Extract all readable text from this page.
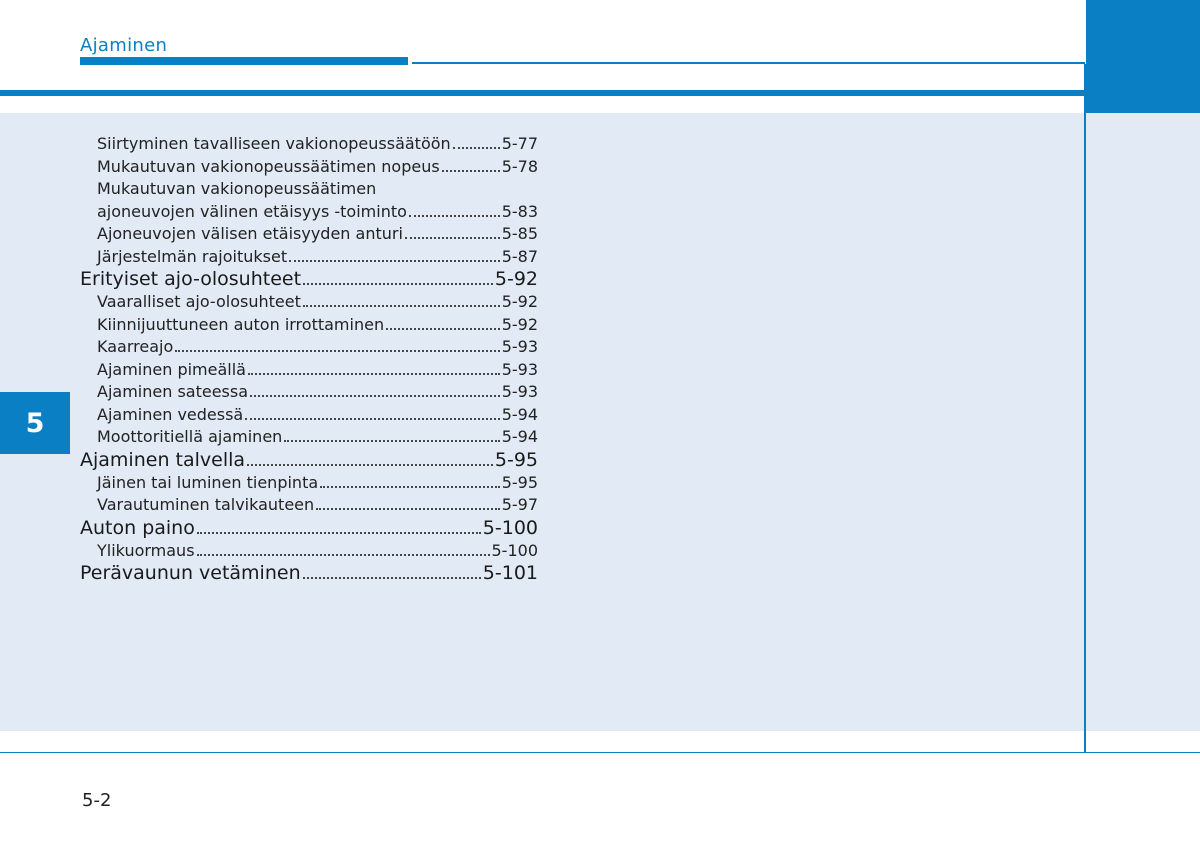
Ajaminen
5
Siirtyminen tavalliseen vakionopeussäätöön	5-77
Mukautuvan vakionopeussäätimen nopeus	5-78
Mukautuvan vakionopeussäätimen
ajoneuvojen välinen etäisyys -toiminto	5-83
Ajoneuvojen välisen etäisyyden anturi	5-85
Järjestelmän rajoitukset	5-87
Erityiset ajo-olosuhteet	5-92
Vaaralliset ajo-olosuhteet	5-92
Kiinnijuuttuneen auton irrottaminen	5-92
Kaarreajo	5-93
Ajaminen pimeällä	5-93
Ajaminen sateessa	5-93
Ajaminen vedessä	5-94
Moottoritiellä ajaminen	5-94
Ajaminen talvella	5-95
Jäinen tai luminen tienpinta	5-95
Varautuminen talvikauteen	5-97
Auton paino	5-100
Ylikuormaus	5-100
Perävaunun vetäminen	5-101
5-2
